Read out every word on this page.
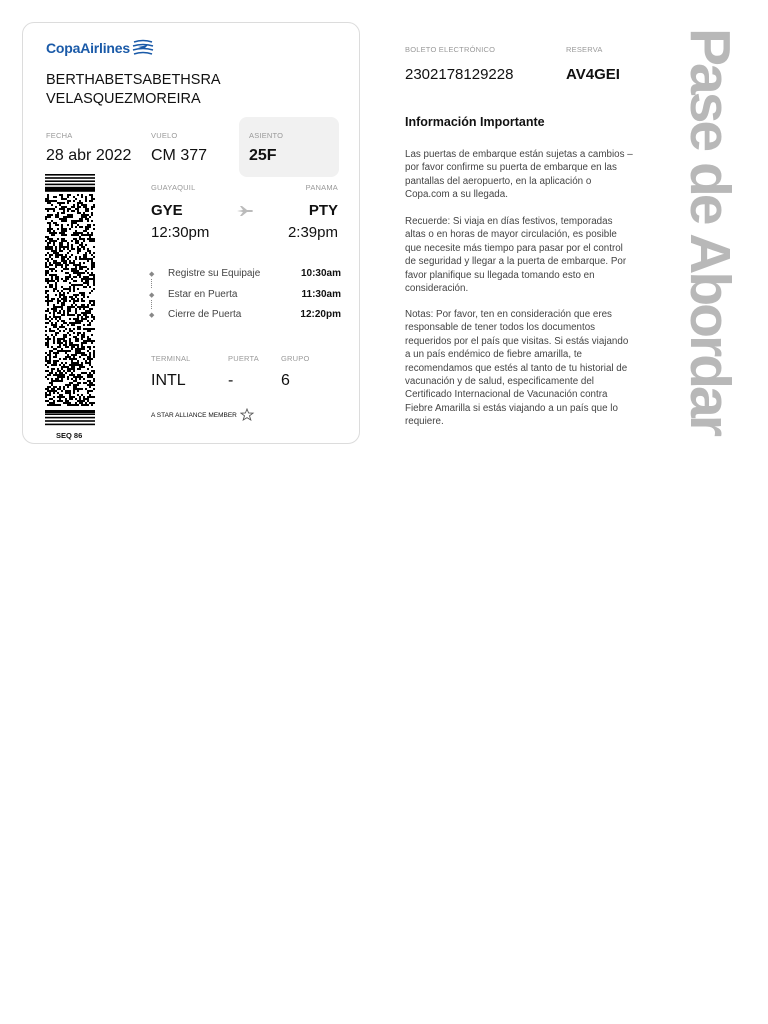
CopaAirlines
BERTHABETSABETHSRA VELASQUEZMOREIRA
FECHA
28 abr 2022
VUELO
CM 377
ASIENTO
25F
SEQ 86
GUAYAQUIL	PANAMA
GYE	PTY
12:30pm	2:39pm
◆ Registre su Equipaje	10:30am
◆ Estar en Puerta	11:30am
◆ Cierre de Puerta	12:20pm
TERMINAL	PUERTA	GRUPO
INTL	-	6
A STAR ALLIANCE MEMBER
BOLETO ELECTRÓNICO
2302178129228
RESERVA
AV4GEI
Información Importante

Las puertas de embarque están sujetas a cambios – por favor confirme su puerta de embarque en las pantallas del aeropuerto, en la aplicación o Copa.com a su llegada.

Recuerde: Si viaja en días festivos, temporadas altas o en horas de mayor circulación, es posible que necesite más tiempo para pasar por el control de seguridad y llegar a la puerta de embarque. Por favor planifique su llegada tomando esto en consideración.

Notas: Por favor, ten en consideración que eres responsable de tener todos los documentos requeridos por el país que visitas. Si estás viajando a un país endémico de fiebre amarilla, te recomendamos que estés al tanto de tu historial de vacunación y de salud, especificamente del Certificado Internacional de Vacunación contra Fiebre Amarilla si estás viajando a un país que lo requiere.	Pase de Abordar
